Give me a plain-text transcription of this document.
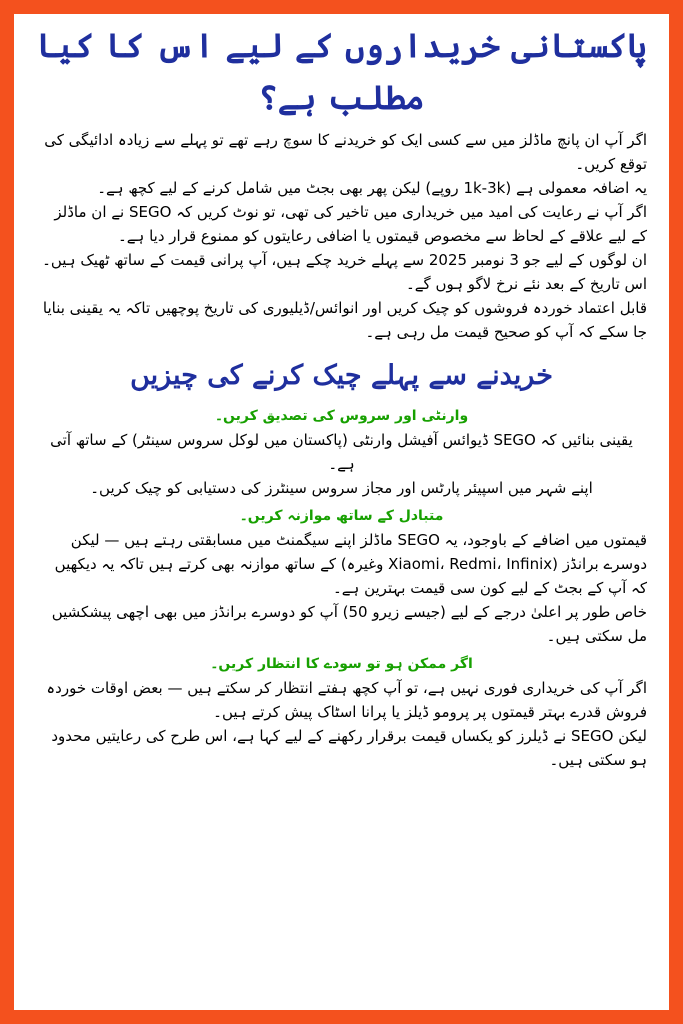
پاکستانی خریداروں کے لیے اس کا کیا مطلب ہے؟

اگر آپ ان پانچ ماڈلز میں سے کسی ایک کو خریدنے کا سوچ رہے تھے تو پہلے سے زیادہ ادائیگی کی توقع کریں۔

یہ اضافہ معمولی ہے (1k-3k روپے) لیکن پھر بھی بجٹ میں شامل کرنے کے لیے کچھ ہے۔

اگر آپ نے رعایت کی امید میں خریداری میں تاخیر کی تھی، تو نوٹ کریں کہ SEGO نے ان ماڈلز کے لیے علاقے کے لحاظ سے مخصوص قیمتوں یا اضافی رعایتوں کو ممنوع قرار دیا ہے۔

ان لوگوں کے لیے جو 3 نومبر 2025 سے پہلے خرید چکے ہیں، آپ پرانی قیمت کے ساتھ ٹھیک ہیں۔ اس تاریخ کے بعد نئے نرخ لاگو ہوں گے۔

قابل اعتماد خوردہ فروشوں کو چیک کریں اور انوائس/ڈیلیوری کی تاریخ پوچھیں تاکہ یہ یقینی بنایا جا سکے کہ آپ کو صحیح قیمت مل رہی ہے۔

خریدنے سے پہلے چیک کرنے کی چیزیں
وارنٹی اور سروس کی تصدیق کریں۔

یقینی بنائیں کہ SEGO ڈیوائس آفیشل وارنٹی (پاکستان میں لوکل سروس سینٹر) کے ساتھ آتی ہے۔

اپنے شہر میں اسپیئر پارٹس اور مجاز سروس سینٹرز کی دستیابی کو چیک کریں۔

متبادل کے ساتھ موازنہ کریں۔

قیمتوں میں اضافے کے باوجود، یہ SEGO ماڈلز اپنے سیگمنٹ میں مسابقتی رہتے ہیں — لیکن دوسرے برانڈز (Xiaomi، Redmi، Infinix وغیرہ) کے ساتھ موازنہ بھی کرتے ہیں تاکہ یہ دیکھیں کہ آپ کے بجٹ کے لیے کون سی قیمت بہترین ہے۔

خاص طور پر اعلیٰ درجے کے لیے (جیسے زیرو 50) آپ کو دوسرے برانڈز میں بھی اچھی پیشکشیں مل سکتی ہیں۔

اگر ممکن ہو تو سودے کا انتظار کریں۔

اگر آپ کی خریداری فوری نہیں ہے، تو آپ کچھ ہفتے انتظار کر سکتے ہیں — بعض اوقات خوردہ فروش قدرے بہتر قیمتوں پر پرومو ڈیلز یا پرانا اسٹاک پیش کرتے ہیں۔

لیکن SEGO نے ڈیلرز کو یکساں قیمت برقرار رکھنے کے لیے کہا ہے، اس طرح کی رعایتیں محدود ہو سکتی ہیں۔
